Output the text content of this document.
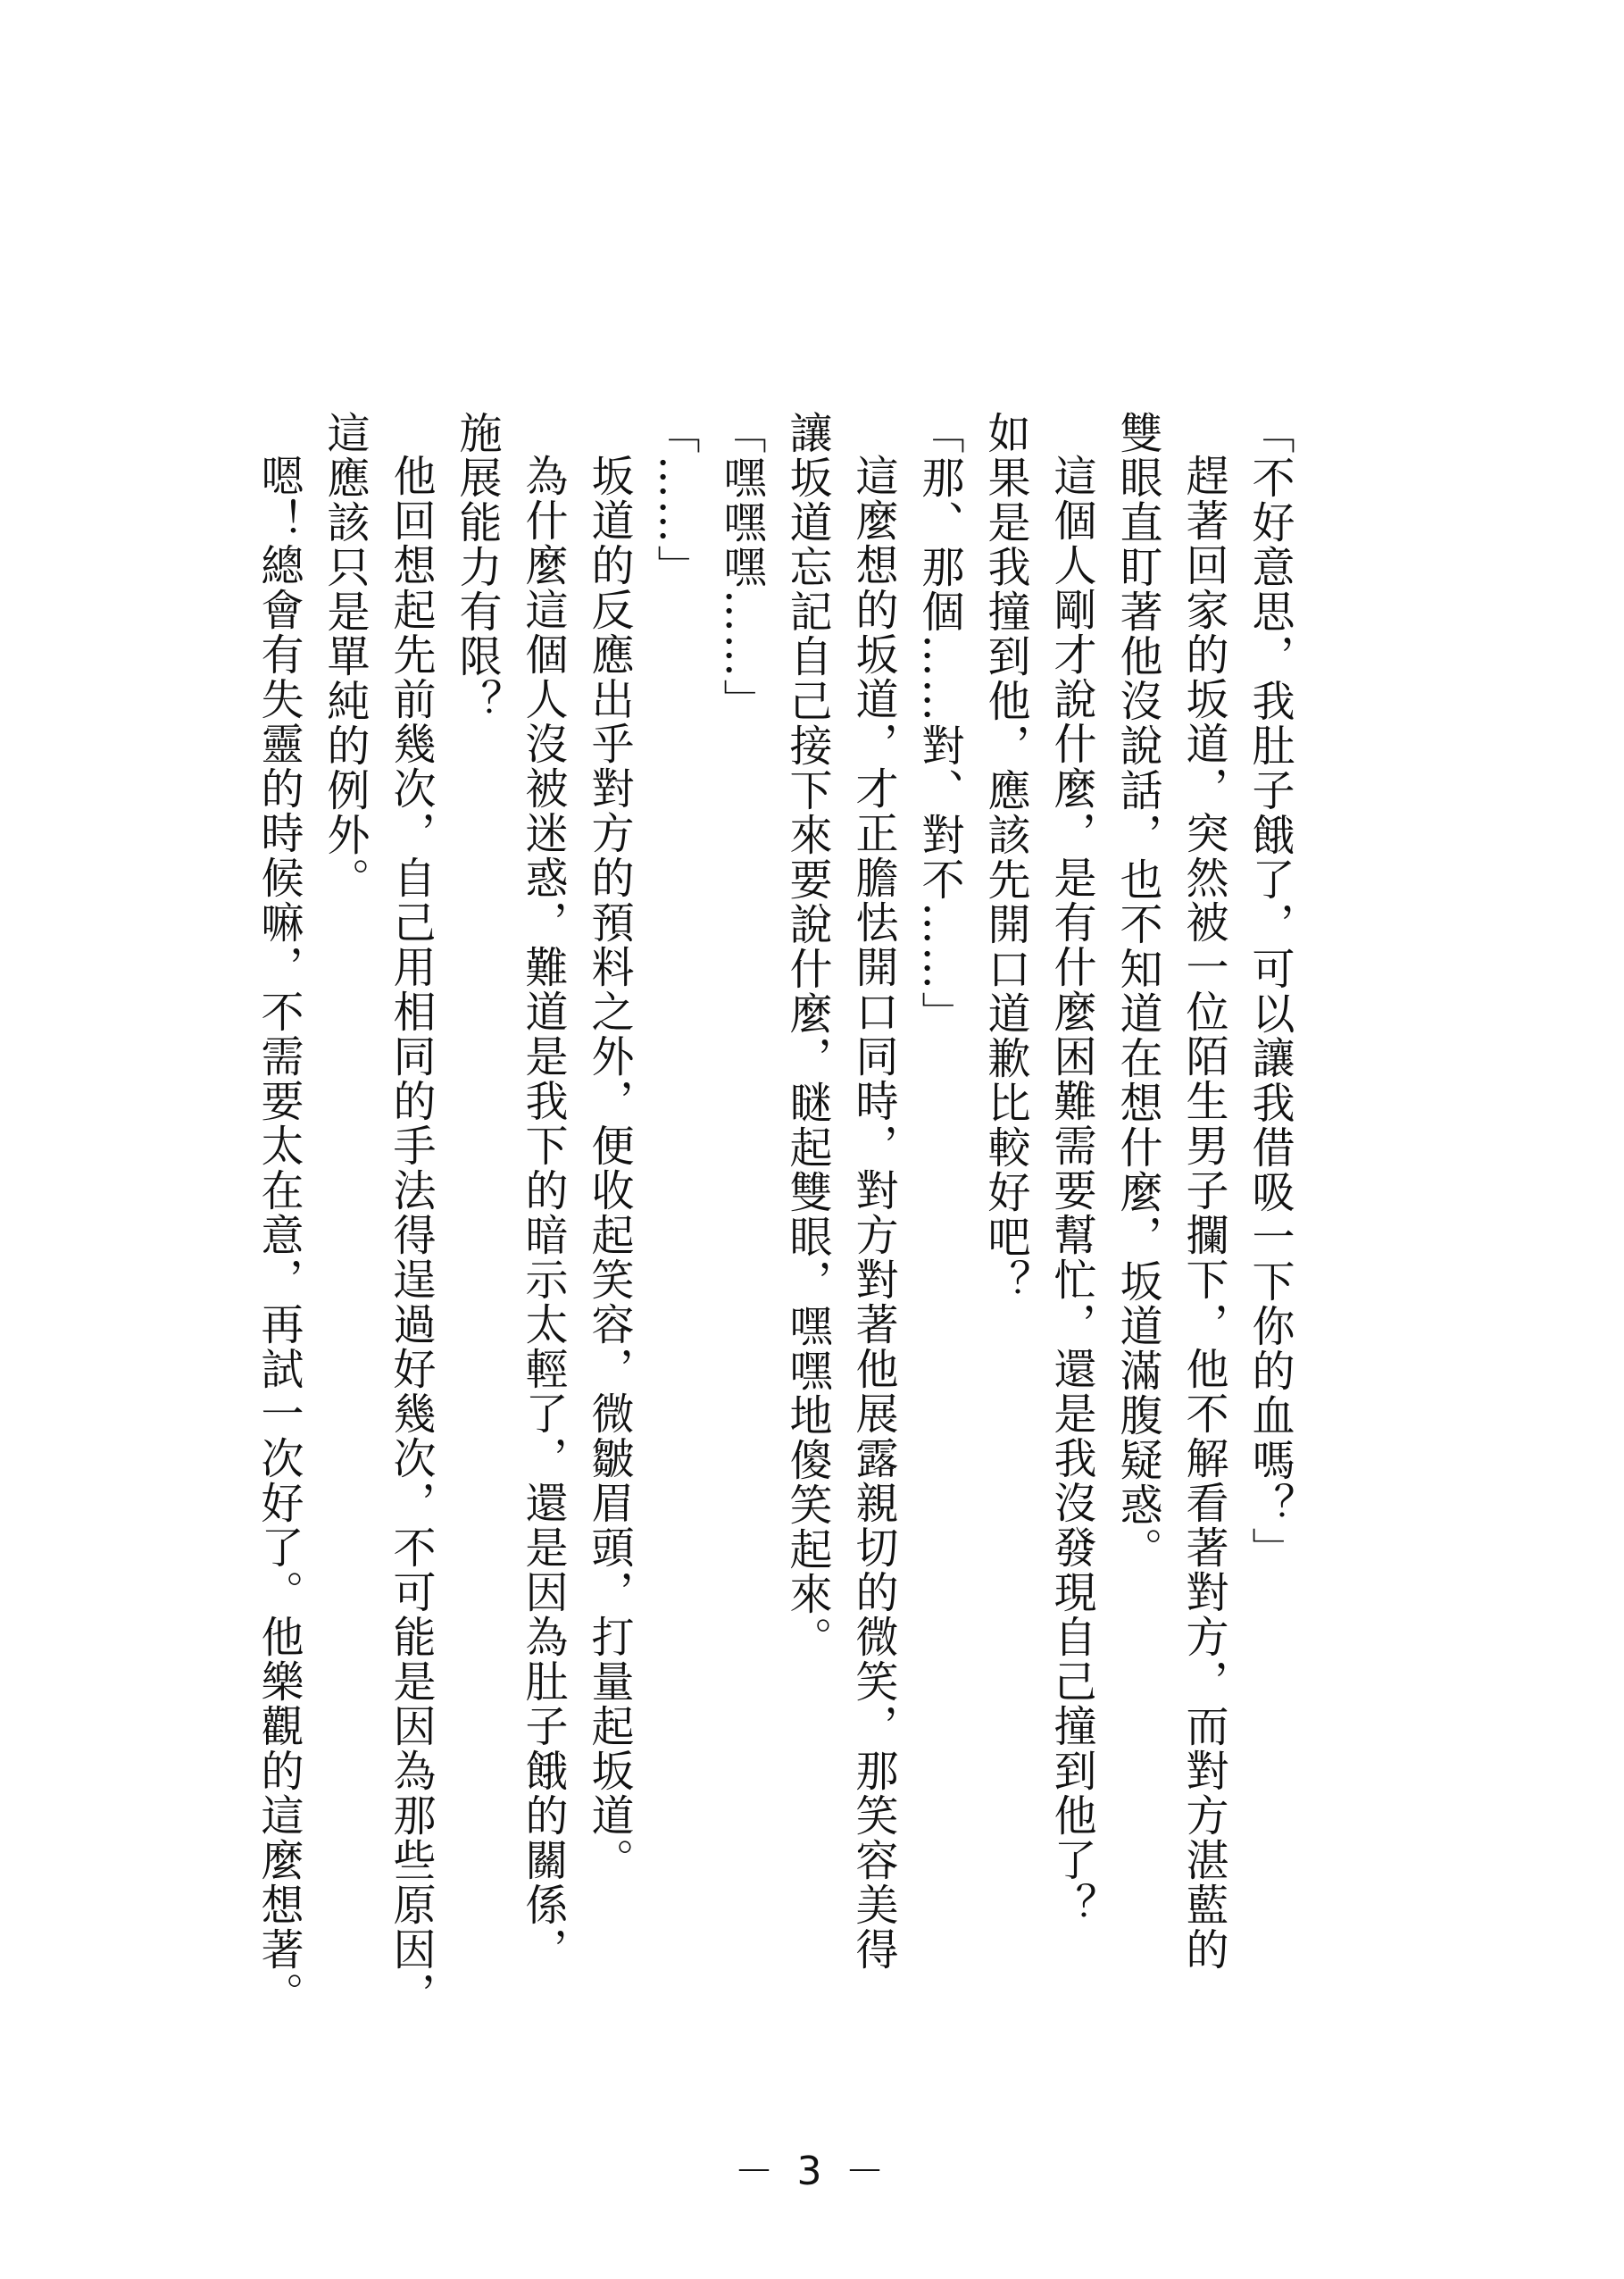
「不好意思，我肚子餓了，可以讓我借吸一下你的血嗎？」

趕著回家的坂道，突然被一位陌生男子攔下，他不解看著對方，而對方湛藍的

雙眼直盯著他沒說話，也不知道在想什麼，坂道滿腹疑惑。

這個人剛才說什麼，是有什麼困難需要幫忙，還是我沒發現自己撞到他了？

如果是我撞到他，應該先開口道歉比較好吧？

「那、那個……對、對不……」

這麼想的坂道，才正膽怯開口同時，對方對著他展露親切的微笑，那笑容美得

讓坂道忘記自己接下來要說什麼，瞇起雙眼，嘿嘿地傻笑起來。

「嘿嘿嘿……」

「……」

坂道的反應出乎對方的預料之外，便收起笑容，微皺眉頭，打量起坂道。

為什麼這個人沒被迷惑，難道是我下的暗示太輕了，還是因為肚子餓的關係，

施展能力有限？

他回想起先前幾次，自己用相同的手法得逞過好幾次，不可能是因為那些原因，

這應該只是單純的例外。

嗯！總會有失靈的時候嘛，不需要太在意，再試一次好了。他樂觀的這麼想著。

－ 3 －
